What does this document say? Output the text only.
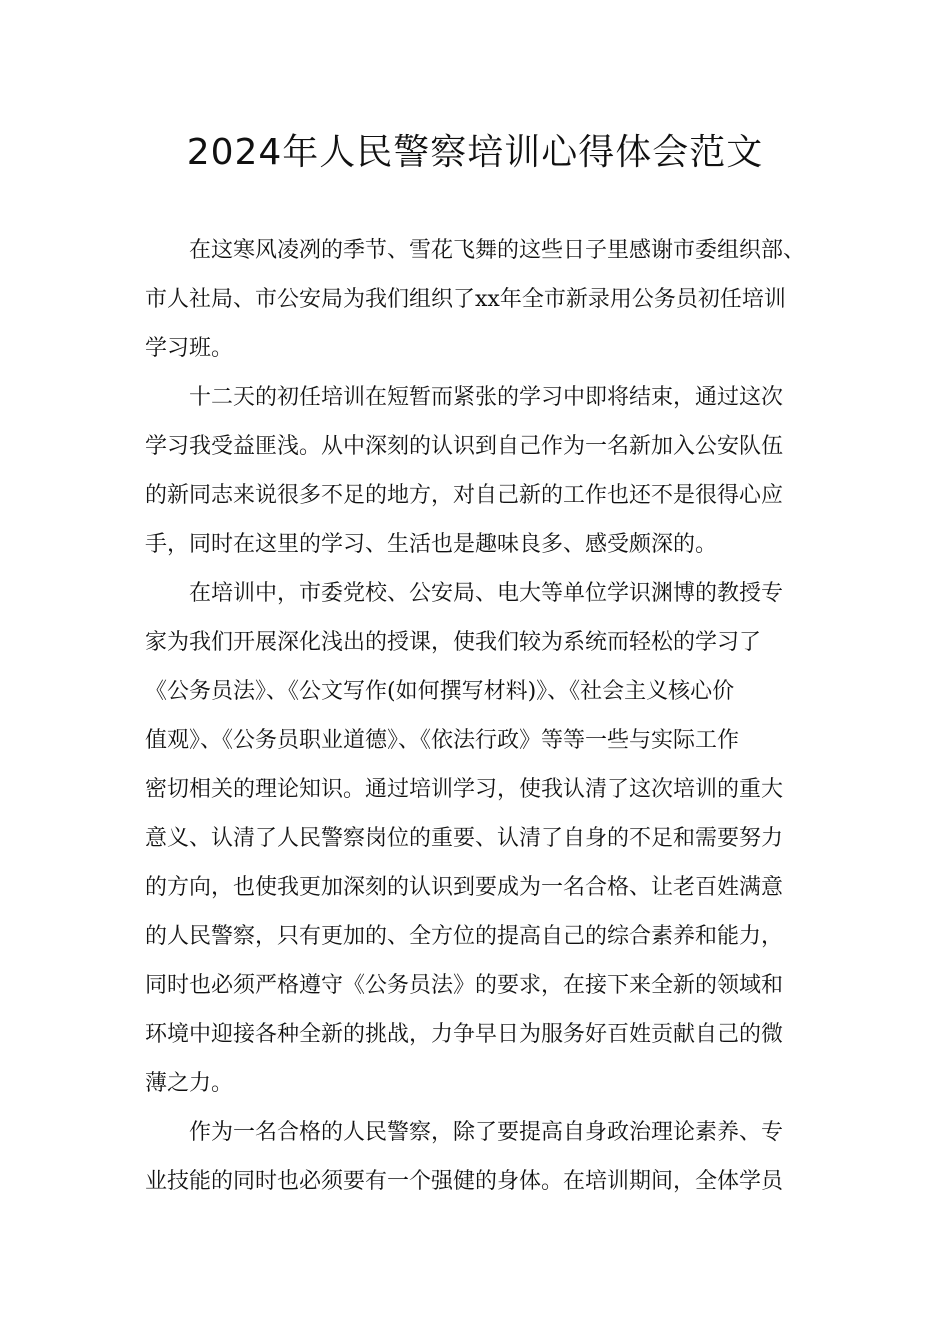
2024年人民警察培训心得体会范文
在这寒风凌冽的季节、雪花飞舞的这些日子里感谢市委组织部、
市人社局、市公安局为我们组织了xx年全市新录用公务员初任培训
学习班。
十二天的初任培训在短暂而紧张的学习中即将结束，通过这次
学习我受益匪浅。从中深刻的认识到自己作为一名新加入公安队伍
的新同志来说很多不足的地方，对自己新的工作也还不是很得心应
手，同时在这里的学习、生活也是趣味良多、感受颇深的。
在培训中，市委党校、公安局、电大等单位学识渊博的教授专
家为我们开展深化浅出的授课，使我们较为系统而轻松的学习了
《公务员法》、《公文写作(如何撰写材料)》、《社会主义核心价
值观》、《公务员职业道德》、《依法行政》等等一些与实际工作
密切相关的理论知识。通过培训学习，使我认清了这次培训的重大
意义、认清了人民警察岗位的重要、认清了自身的不足和需要努力
的方向，也使我更加深刻的认识到要成为一名合格、让老百姓满意
的人民警察，只有更加的、全方位的提高自己的综合素养和能力，
同时也必须严格遵守《公务员法》的要求，在接下来全新的领域和
环境中迎接各种全新的挑战，力争早日为服务好百姓贡献自己的微
薄之力。
作为一名合格的人民警察，除了要提高自身政治理论素养、专
业技能的同时也必须要有一个强健的身体。在培训期间，全体学员
